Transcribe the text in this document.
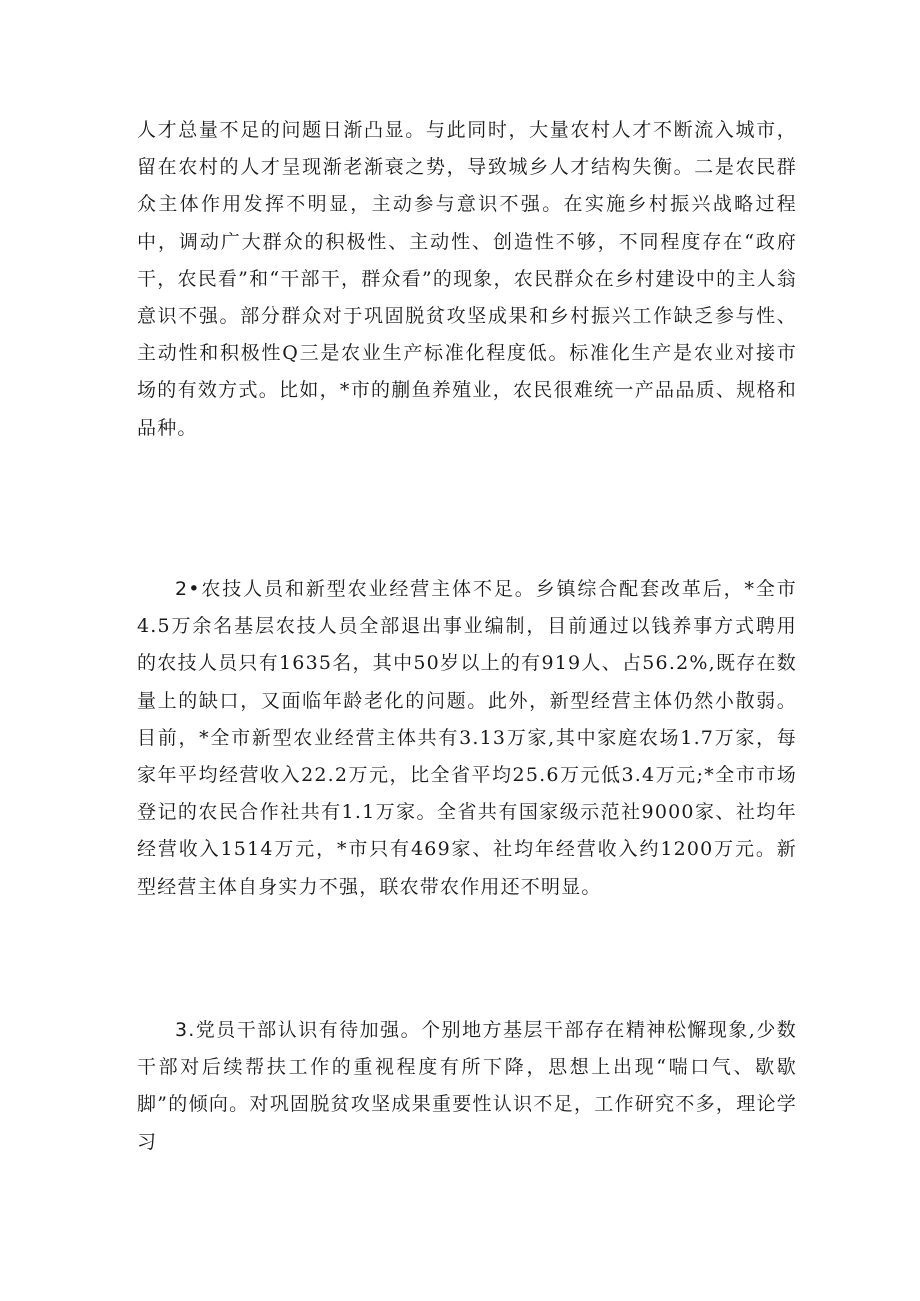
人才总量不足的问题日渐凸显。与此同时，大量农村人才不断流入城市，留在农村的人才呈现渐老渐衰之势，导致城乡人才结构失衡。二是农民群众主体作用发挥不明显，主动参与意识不强。在实施乡村振兴战略过程中，调动广大群众的积极性、主动性、创造性不够，不同程度存在“政府干，农民看”和“干部干，群众看”的现象，农民群众在乡村建设中的主人翁意识不强。部分群众对于巩固脱贫攻坚成果和乡村振兴工作缺乏参与性、主动性和积极性Q三是农业生产标准化程度低。标准化生产是农业对接市场的有效方式。比如，*市的蒯鱼养殖业，农民很难统一产品品质、规格和品种。

2•农技人员和新型农业经营主体不足。乡镇综合配套改革后，*全市4.5万余名基层农技人员全部退出事业编制，目前通过以钱养事方式聘用的农技人员只有1635名，其中50岁以上的有919人、占56.2%,既存在数量上的缺口，又面临年龄老化的问题。此外，新型经营主体仍然小散弱。目前，*全市新型农业经营主体共有3.13万家,其中家庭农场1.7万家，每家年平均经营收入22.2万元，比全省平均25.6万元低3.4万元;*全市市场登记的农民合作社共有1.1万家。全省共有国家级示范社9000家、社均年经营收入1514万元，*市只有469家、社均年经营收入约1200万元。新型经营主体自身实力不强，联农带农作用还不明显。

3.党员干部认识有待加强。个别地方基层干部存在精神松懈现象,少数干部对后续帮扶工作的重视程度有所下降，思想上出现“喘口气、歇歇脚”的倾向。对巩固脱贫攻坚成果重要性认识不足，工作研究不多，理论学习
